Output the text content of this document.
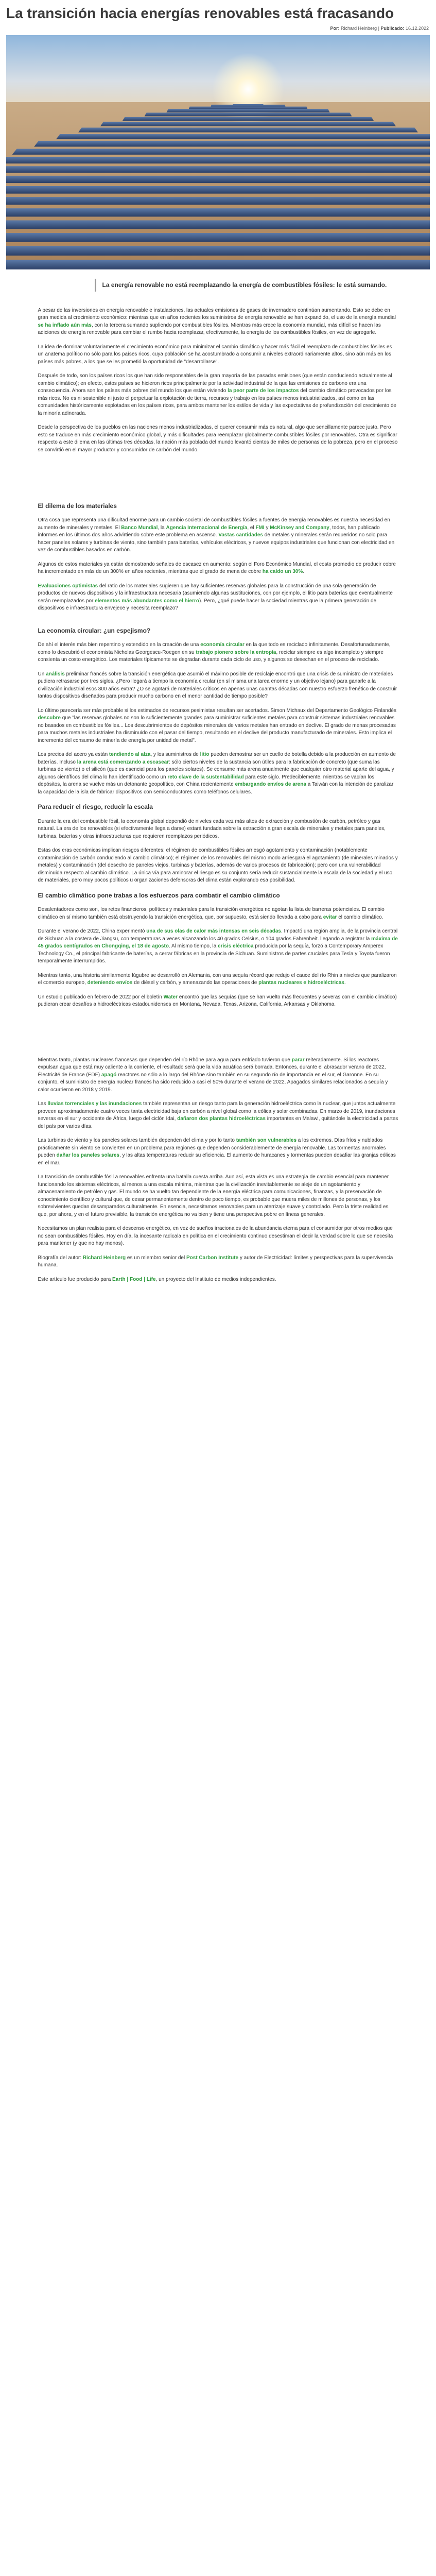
La transición hacia energías renovables está fracasando
Por: Richard Heinberg | Publicado: 16.12.2022
La energía renovable no está reemplazando la energía de combustibles fósiles: le está sumando.

A pesar de las inversiones en energía renovable e instalaciones, las actuales emisiones de gases de invernadero continúan aumentando. Esto se debe en gran medida al crecimiento económico: mientras que en años recientes los suministros de energía renovable se han expandido, el uso de la energía mundial se ha inflado aún más, con la tercera sumando supliendo por combustibles fósiles. Mientras más crece la economía mundial, más difícil se hacen las adiciones de energía renovable para cambiar el rumbo hacia reemplazar, efectivamente, la energía de los combustibles fósiles, en vez de agregarle.

La idea de dominar voluntariamente el crecimiento económico para minimizar el cambio climático y hacer más fácil el reemplazo de combustibles fósiles es un anatema político no sólo para los países ricos, cuya población se ha acostumbrado a consumir a niveles extraordinariamente altos, sino aún más en los países más pobres, a los que se les prometió la oportunidad de "desarrollarse".

Después de todo, son los países ricos los que han sido responsables de la gran mayoría de las pasadas emisiones (que están conduciendo actualmente al cambio climático); en efecto, estos países se hicieron ricos principalmente por la actividad industrial de la que las emisiones de carbono era una consecuencia. Ahora son los países más pobres del mundo los que están viviendo la peor parte de los impactos del cambio climático provocados por los más ricos. No es ni sostenible ni justo el perpetuar la explotación de tierra, recursos y trabajo en los países menos industrializados, así como en las comunidades históricamente explotadas en los países ricos, para ambos mantener los estilos de vida y las expectativas de profundización del crecimiento de la minoría adinerada.

Desde la perspectiva de los pueblos en las naciones menos industrializadas, el querer consumir más es natural, algo que sencillamente parece justo. Pero esto se traduce en más crecimiento económico global, y más dificultades para reemplazar globalmente combustibles fósiles por renovables. Otra es significar respecto a este dilema en las últimas tres décadas, la nación más poblada del mundo levantó cientos de miles de personas de la pobreza, pero en el proceso se convirtió en el mayor productor y consumidor de carbón del mundo.

El dilema de los materiales

Otra cosa que representa una dificultad enorme para un cambio societal de combustibles fósiles a fuentes de energía renovables es nuestra necesidad en aumento de minerales y metales. El Banco Mundial, la Agencia Internacional de Energía, el FMI y McKinsey and Company, todos, han publicado informes en los últimos dos años advirtiendo sobre este problema en ascenso. Vastas cantidades de metales y minerales serán requeridos no solo para hacer paneles solares y turbinas de viento, sino también para baterías, vehículos eléctricos, y nuevos equipos industriales que funcionan con electricidad en vez de combustibles basados en carbón.

Algunos de estos materiales ya están demostrando señales de escasez en aumento: según el Foro Económico Mundial, el costo promedio de producir cobre ha incrementado en más de un 300% en años recientes, mientras que el grado de mena de cobre ha caído un 30%.

Evaluaciones optimistas del ratio de los materiales sugieren que hay suficientes reservas globales para la construcción de una sola generación de productos de nuevos dispositivos y la infraestructura necesaria (asumiendo algunas sustituciones, con por ejemplo, el litio para baterías que eventualmente serán reemplazados por elementos más abundantes como el hierro). Pero, ¿qué puede hacer la sociedad mientras que la primera generación de dispositivos e infraestructura envejece y necesita reemplazo?

La economía circular: ¿un espejismo?

De ahí el interés más bien repentino y extendido en la creación de una economía circular en la que todo es reciclado infinitamente. Desafortunadamente, como lo descubrió el economista Nicholas Georgescu-Roegen en su trabajo pionero sobre la entropía, reciclar siempre es algo incompleto y siempre consienta un costo energético. Los materiales típicamente se degradan durante cada ciclo de uso, y algunos se desechan en el proceso de reciclado.

Un análisis preliminar francés sobre la transición energética que asumió el máximo posible de reciclaje encontró que una crisis de suministro de materiales pudiera retrasarse por tres siglos. ¿Pero llegará a tiempo la economía circular (en sí misma una tarea enorme y un objetivo lejano) para ganarle a la civilización industrial esos 300 años extra? ¿O se agotará de materiales críticos en apenas unas cuantas décadas con nuestro esfuerzo frenético de construir tantos dispositivos diseñados para producir mucho carbono en el menor cantidad de tiempo posible?

Lo último parecería ser más probable si los estimados de recursos pesimistas resultan ser acertados. Simon Michaux del Departamento Geológico Finlandés descubre que "las reservas globales no son lo suficientemente grandes para suministrar suficientes metales para construir sistemas industriales renovables no basados en combustibles fósiles... Los descubrimientos de depósitos minerales de varios metales han entrado en declive. El grado de menas procesadas para muchos metales industriales ha disminuido con el pasar del tiempo, resultando en el declive del producto manufacturado de minerales. Esto implica el incremento del consumo de minería de energía por unidad de metal".

Los precios del acero ya están tendiendo al alza, y los suministros de litio pueden demostrar ser un cuello de botella debido a la producción en aumento de baterías. Incluso la arena está comenzando a escasear: sólo ciertos niveles de la sustancia son útiles para la fabricación de concreto (que suma las turbinas de viento) o el silicón (que es esencial para los paneles solares). Se consume más arena anualmente que cualquier otro material aparte del agua, y algunos científicos del clima lo han identificado como un reto clave de la sustentabilidad para este siglo. Predeciblemente, mientras se vacían los depósitos, la arena se vuelve más un detonante geopolítico, con China recientemente embargando envíos de arena a Taiwán con la intención de paralizar la capacidad de la isla de fabricar dispositivos con semiconductores como teléfonos celulares.

Para reducir el riesgo, reducir la escala

Durante la era del combustible fósil, la economía global dependió de niveles cada vez más altos de extracción y combustión de carbón, petróleo y gas natural. La era de los renovables (si efectivamente llega a darse) estará fundada sobre la extracción a gran escala de minerales y metales para paneles, turbinas, baterías y otras infraestructuras que requieren reemplazos periódicos.

Estas dos eras económicas implican riesgos diferentes: el régimen de combustibles fósiles arriesgó agotamiento y contaminación (notablemente contaminación de carbón conduciendo al cambio climático); el régimen de los renovables del mismo modo arriesgará el agotamiento (de minerales minados y metales) y contaminación (del desecho de paneles viejos, turbinas y baterías, además de varios procesos de fabricación); pero con una vulnerabilidad disminuida respecto al cambio climático. La única vía para aminorar el riesgo es su conjunto sería reducir sustancialmente la escala de la sociedad y el uso de materiales, pero muy pocos políticos u organizaciones defensoras del clima están explorando esa posibilidad.

El cambio climático pone trabas a los esfuerzos para combatir el cambio climático

Desalentadores como son, los retos financieros, políticos y materiales para la transición energética no agotan la lista de barreras potenciales. El cambio climático en sí mismo también está obstruyendo la transición energética, que, por supuesto, está siendo llevada a cabo para evitar el cambio climático.

Durante el verano de 2022, China experimentó una de sus olas de calor más intensas en seis décadas. Impactó una región amplia, de la provincia central de Sichuan a la costera de Jiangsu, con temperaturas a veces alcanzando los 40 grados Celsius, o 104 grados Fahrenheit. llegando a registrar la máxima de 45 grados centígrados en Chongqing, el 18 de agosto. Al mismo tiempo, la crisis eléctrica producida por la sequía, forzó a Contemporary Amperex Technology Co., el principal fabricante de baterías, a cerrar fábricas en la provincia de Sichuan. Suministros de partes cruciales para Tesla y Toyota fueron temporalmente interrumpidos.

Mientras tanto, una historia similarmente lúgubre se desarrolló en Alemania, con una sequía récord que redujo el cauce del río Rhin a niveles que paralizaron el comercio europeo, deteniendo envíos de diésel y carbón, y amenazando las operaciones de plantas nucleares e hidroeléctricas.

Un estudio publicado en febrero de 2022 por el boletín Water encontró que las sequías (que se han vuelto más frecuentes y severas con el cambio climático) pudieran crear desafíos a hidroeléctricas estadounidenses en Montana, Nevada, Texas, Arizona, California, Arkansas y Oklahoma.

Mientras tanto, plantas nucleares francesas que dependen del río Rhône para agua para enfriado tuvieron que parar reiteradamente. Si los reactores expulsan agua que está muy caliente a la corriente, el resultado será que la vida acuática será borrada. Entonces, durante el abrasador verano de 2022, Électricité de France (EDF) apagó reactores no sólo a lo largo del Rhône sino también en su segundo río de importancia en el sur, el Garonne. En su conjunto, el suministro de energía nuclear francés ha sido reducido a casi el 50% durante el verano de 2022. Apagados similares relacionados a sequía y calor ocurrieron en 2018 y 2019.

Las lluvias torrenciales y las inundaciones también representan un riesgo tanto para la generación hidroeléctrica como la nuclear, que juntos actualmente proveen aproximadamente cuatro veces tanta electricidad baja en carbón a nivel global como la eólica y solar combinadas. En marzo de 2019, inundaciones severas en el sur y occidente de África, luego del ciclón Idai, dañaron dos plantas hidroeléctricas importantes en Malawi, quitándole la electricidad a partes del país por varios días.

Las turbinas de viento y los paneles solares también dependen del clima y por lo tanto también son vulnerables a los extremos. Días fríos y nublados prácticamente sin viento se convierten en un problema para regiones que dependen considerablemente de energía renovable. Las tormentas anormales pueden dañar los paneles solares, y las altas temperaturas reducir su eficiencia. El aumento de huracanes y tormentas pueden desafiar las granjas eólicas en el mar.

La transición de combustible fósil a renovables enfrenta una batalla cuesta arriba. Aun así, esta vista es una estrategia de cambio esencial para mantener funcionando los sistemas eléctricos, al menos a una escala mínima, mientras que la civilización inevitablemente se aleje de un agotamiento y almacenamiento de petróleo y gas. El mundo se ha vuelto tan dependiente de la energía eléctrica para comunicaciones, finanzas, y la preservación de conocimiento científico y cultural que, de cesar permanentemente dentro de poco tiempo, es probable que muera miles de millones de personas, y los sobrevivientes quedan desamparados culturalmente. En esencia, necesitamos renovables para un aterrizaje suave y controlado. Pero la triste realidad es que, por ahora, y en el futuro previsible, la transición energética no va bien y tiene una perspectiva pobre en líneas generales.

Necesitamos un plan realista para el descenso energético, en vez de sueños irracionales de la abundancia eterna para el consumidor por otros medios que no sean combustibles fósiles. Hoy en día, la incesante radicala en política en el crecimiento continuo desestiman el decir la verdad sobre lo que se necesita para mantener (y que no hay menos).

Biografía del autor: Richard Heinberg es un miembro senior del Post Carbon Institute y autor de Electricidad: límites y perspectivas para la supervivencia humana.

Este artículo fue producido para Earth | Food | Life, un proyecto del Instituto de medios independientes.
